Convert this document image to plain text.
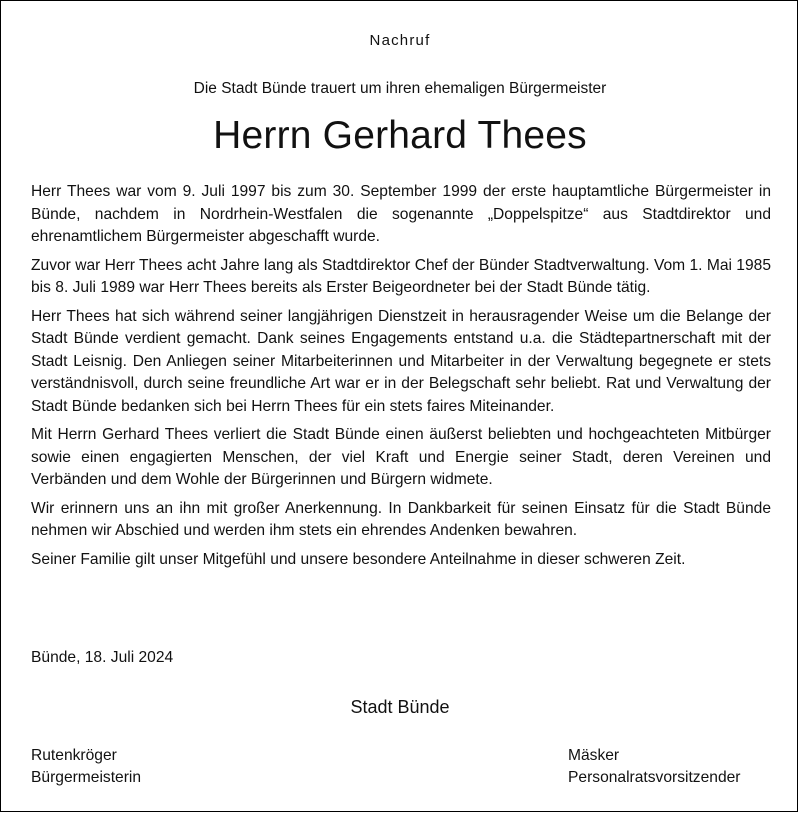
Nachruf
Die Stadt Bünde trauert um ihren ehemaligen Bürgermeister
Herrn Gerhard Thees

Herr Thees war vom 9. Juli 1997 bis zum 30. September 1999 der erste hauptamtliche Bürgermeister in Bünde, nachdem in Nordrhein-Westfalen die sogenannte „Doppelspitze“ aus Stadtdirektor und ehrenamtlichem Bürgermeister abgeschafft wurde.

Zuvor war Herr Thees acht Jahre lang als Stadtdirektor Chef der Bünder Stadtverwaltung. Vom 1. Mai 1985 bis 8. Juli 1989 war Herr Thees bereits als Erster Beigeordneter bei der Stadt Bünde tätig.

Herr Thees hat sich während seiner langjährigen Dienstzeit in herausragender Weise um die Belange der Stadt Bünde verdient gemacht. Dank seines Engagements entstand u.a. die Städtepartnerschaft mit der Stadt Leisnig. Den Anliegen seiner Mitarbeiterinnen und Mitarbeiter in der Verwaltung begegnete er stets verständnisvoll, durch seine freundliche Art war er in der Belegschaft sehr beliebt. Rat und Verwaltung der Stadt Bünde bedanken sich bei Herrn Thees für ein stets faires Miteinander.

Mit Herrn Gerhard Thees verliert die Stadt Bünde einen äußerst beliebten und hochgeachteten Mitbürger sowie einen engagierten Menschen, der viel Kraft und Energie seiner Stadt, deren Vereinen und Verbänden und dem Wohle der Bürgerinnen und Bürgern widmete.

Wir erinnern uns an ihn mit großer Anerkennung. In Dankbarkeit für seinen Einsatz für die Stadt Bünde nehmen wir Abschied und werden ihm stets ein ehrendes Andenken bewahren.

Seiner Familie gilt unser Mitgefühl und unsere besondere Anteilnahme in dieser schweren Zeit.

Bünde, 18. Juli 2024
Stadt Bünde
Rutenkröger
Bürgermeisterin
Mäsker
Personalratsvorsitzender
